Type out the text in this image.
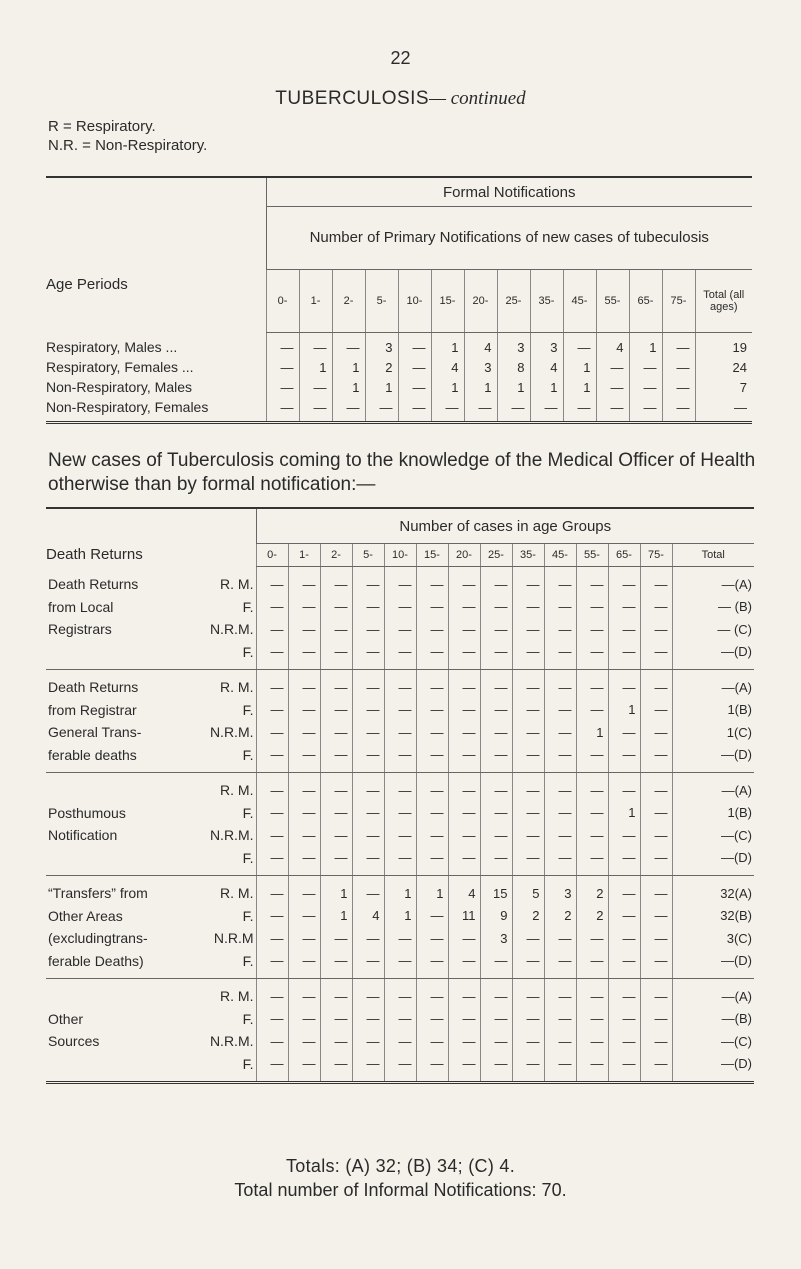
22
TUBERCULOSIS— continued
R = Respiratory.
N.R. = Non-Respiratory.
Age Periods	Formal Notifications													
	Number of Primary Notifications of new cases of tubeculosis													
	0-	1-	2-	5-	10-	15-	20-	25-	35-	45-	55-	65-	75-	Total (all ages)
Respiratory, Males ...	—	—	—	3	—	1	4	3	3	—	4	1	—	19
Respiratory, Females ...	—	1	1	2	—	4	3	8	4	1	—	—	—	24
Non-Respiratory, Males	—	—	1	1	—	1	1	1	1	1	—	—	—	7
Non-Respiratory, Females	—	—	—	—	—	—	—	—	—	—	—	—	—	—
New cases of Tuberculosis coming to the knowledge of the Medical Officer of Health otherwise than by formal notification:—
Death Returns		Number of cases in age Groups													
		0-	1-	2-	5-	10-	15-	20-	25-	35-	45-	55-	65-	75-	Total
Death Returns	R. M.	—	—	—	—	—	—	—	—	—	—	—	—	—	—(A)
from Local	F.	—	—	—	—	—	—	—	—	—	—	—	—	—	— (B)
Registrars	N.R.M.	—	—	—	—	—	—	—	—	—	—	—	—	—	— (C)
	F.	—	—	—	—	—	—	—	—	—	—	—	—	—	—(D)
Death Returns	R. M.	—	—	—	—	—	—	—	—	—	—	—	—	—	—(A)
from Registrar	F.	—	—	—	—	—	—	—	—	—	—	—	1	—	1(B)
General Trans-	N.R.M.	—	—	—	—	—	—	—	—	—	—	1	—	—	1(C)
ferable deaths	F.	—	—	—	—	—	—	—	—	—	—	—	—	—	—(D)
	R. M.	—	—	—	—	—	—	—	—	—	—	—	—	—	—(A)
Posthumous	F.	—	—	—	—	—	—	—	—	—	—	—	1	—	1(B)
Notification	N.R.M.	—	—	—	—	—	—	—	—	—	—	—	—	—	—(C)
	F.	—	—	—	—	—	—	—	—	—	—	—	—	—	—(D)
“Transfers” from	R. M.	—	—	1	—	1	1	4	15	5	3	2	—	—	32(A)
Other Areas	F.	—	—	1	4	1	—	11	9	2	2	2	—	—	32(B)
(excludingtrans-	N.R.M	—	—	—	—	—	—	—	3	—	—	—	—	—	3(C)
ferable Deaths)	F.	—	—	—	—	—	—	—	—	—	—	—	—	—	—(D)
	R. M.	—	—	—	—	—	—	—	—	—	—	—	—	—	—(A)
Other	F.	—	—	—	—	—	—	—	—	—	—	—	—	—	—(B)
Sources	N.R.M.	—	—	—	—	—	—	—	—	—	—	—	—	—	—(C)
	F.	—	—	—	—	—	—	—	—	—	—	—	—	—	—(D)
Totals: (A) 32; (B) 34; (C) 4.
Total number of Informal Notifications: 70.
